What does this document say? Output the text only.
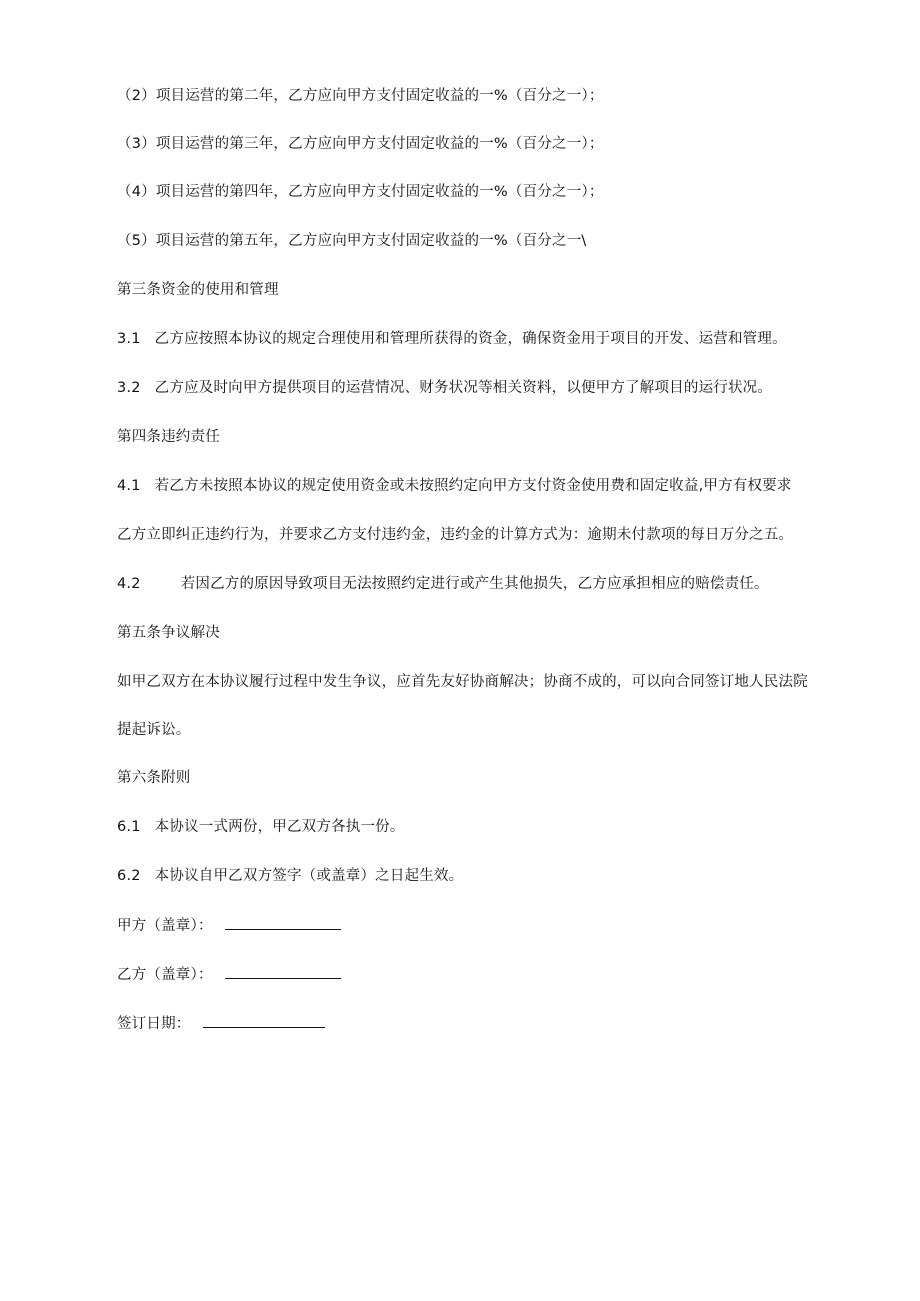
（2）项目运营的第二年，乙方应向甲方支付固定收益的一%（百分之一）；
（3）项目运营的第三年，乙方应向甲方支付固定收益的一%（百分之一）；
（4）项目运营的第四年，乙方应向甲方支付固定收益的一%（百分之一）；
（5）项目运营的第五年，乙方应向甲方支付固定收益的一%（百分之一\
第三条资金的使用和管理
3.1 乙方应按照本协议的规定合理使用和管理所获得的资金，确保资金用于项目的开发、运营和管理。
3.2 乙方应及时向甲方提供项目的运营情况、财务状况等相关资料，以便甲方了解项目的运行状况。
第四条违约责任
4.1 若乙方未按照本协议的规定使用资金或未按照约定向甲方支付资金使用费和固定收益,甲方有权要求
乙方立即纠正违约行为，并要求乙方支付违约金，违约金的计算方式为：逾期未付款项的每日万分之五。
4.2	若因乙方的原因导致项目无法按照约定进行或产生其他损失，乙方应承担相应的赔偿责任。
第五条争议解决
如甲乙双方在本协议履行过程中发生争议，应首先友好协商解决；协商不成的，可以向合同签订地人民法院
提起诉讼。
第六条附则
6.1 本协议一式两份，甲乙双方各执一份。
6.2 本协议自甲乙双方签字（或盖章）之日起生效。
甲方（盖章）：
乙方（盖章）：
签订日期：
